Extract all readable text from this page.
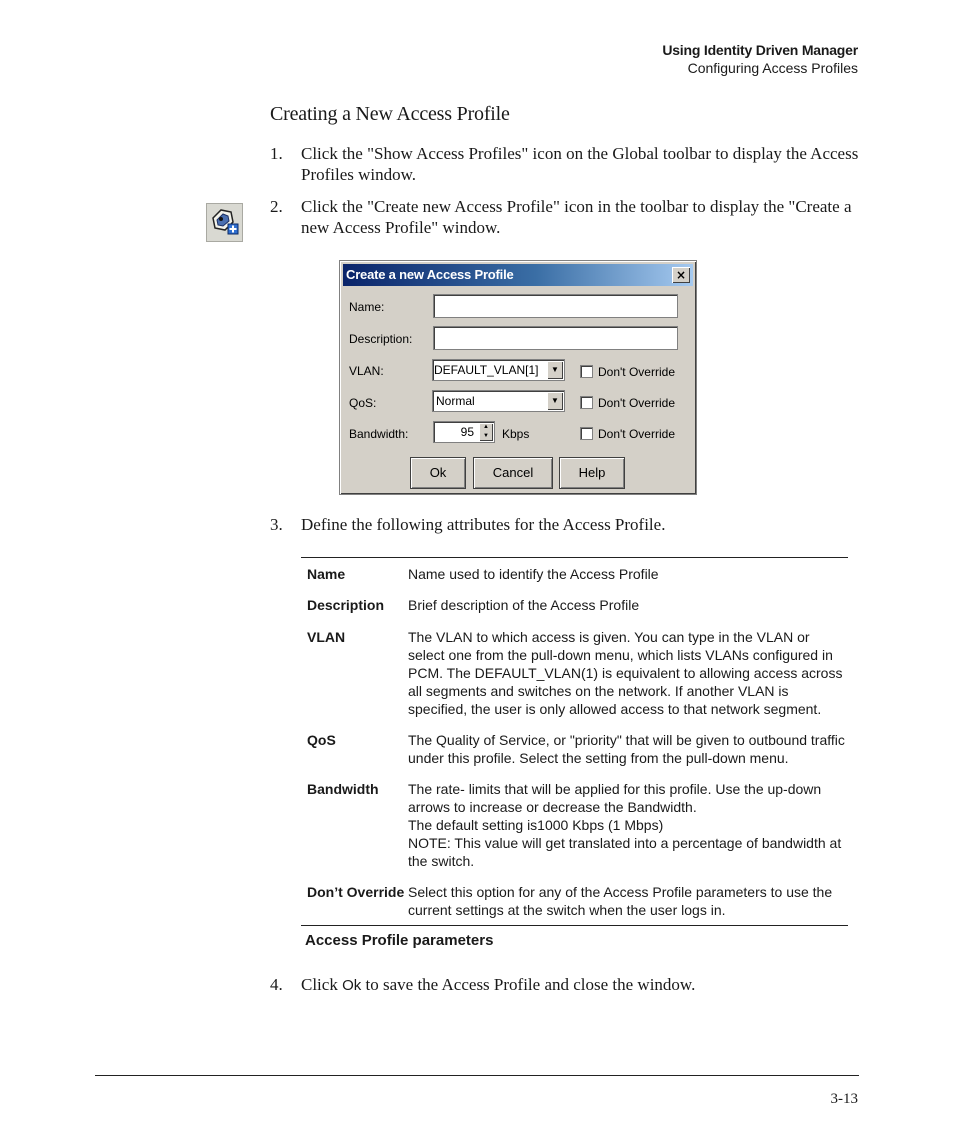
Using Identity Driven Manager
Configuring Access Profiles
Creating a New Access Profile
1. Click the "Show Access Profiles" icon on the Global toolbar to display the Access Profiles window.
2. Click the "Create new Access Profile" icon in the toolbar to display the "Create a new Access Profile" window.
Create a new Access Profile	×
Name:
Description:
VLAN:	DEFAULT_VLAN[1]	▼	Don't Override
QoS:	Normal	▼	Don't Override
Bandwidth:	95	▲
▼	Kbps	Don't Override
Ok	Cancel	Help
3. Define the following attributes for the Access Profile.
Name	Name used to identify the Access Profile
Description Brief description of the Access Profile
VLAN	The VLAN to which access is given. You can type in the VLAN or select one from the pull-down menu, which lists VLANs configured in PCM. The DEFAULT_VLAN(1) is equivalent to allowing access across all segments and switches on the network. If another VLAN is specified, the user is only allowed access to that network segment.
QoS	The Quality of Service, or "priority" that will be given to outbound traffic under this profile. Select the setting from the pull-down menu.
Bandwidth The rate- limits that will be applied for this profile. Use the up-down arrows to increase or decrease the Bandwidth.
The default setting is1000 Kbps (1 Mbps)
NOTE: This value will get translated into a percentage of bandwidth at the switch.
Don’t Override Select this option for any of the Access Profile parameters to use the current settings at the switch when the user logs in.
Access Profile parameters
4. Click Ok to save the Access Profile and close the window.
3-13
